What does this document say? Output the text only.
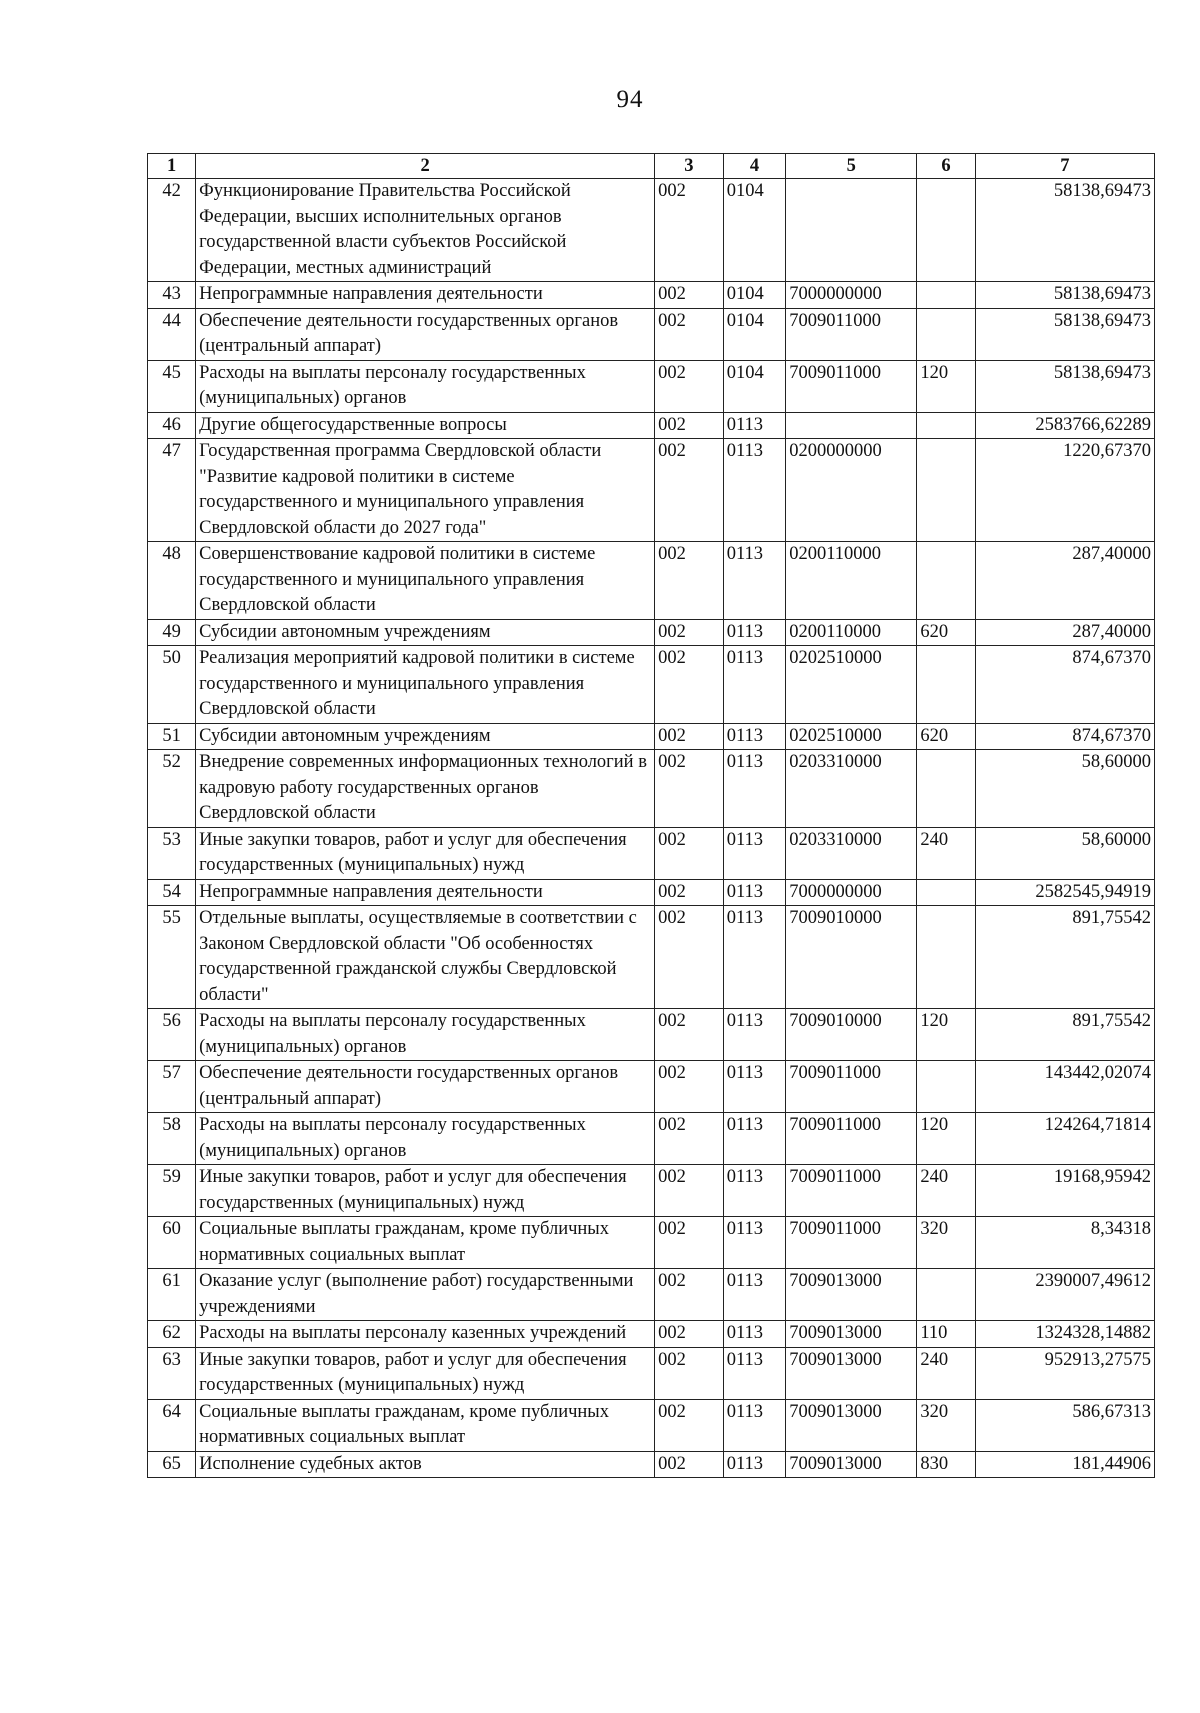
94
1	2	3	4	5	6	7
42	Функционирование Правительства Российской Федерации, высших исполнительных органов государственной власти субъектов Российской Федерации, местных администраций	002	0104			58138,69473
43	Непрограммные направления деятельности	002	0104	7000000000		58138,69473
44	Обеспечение деятельности государственных органов (центральный аппарат)	002	0104	7009011000		58138,69473
45	Расходы на выплаты персоналу государственных (муниципальных) органов	002	0104	7009011000	120	58138,69473
46	Другие общегосударственные вопросы	002	0113			2583766,62289
47	Государственная программа Свердловской области "Развитие кадровой политики в системе государственного и муниципального управления Свердловской области до 2027 года"	002	0113	0200000000		1220,67370
48	Совершенствование кадровой политики в системе государственного и муниципального управления Свердловской области	002	0113	0200110000		287,40000
49	Субсидии автономным учреждениям	002	0113	0200110000	620	287,40000
50	Реализация мероприятий кадровой политики в системе государственного и муниципального управления Свердловской области	002	0113	0202510000		874,67370
51	Субсидии автономным учреждениям	002	0113	0202510000	620	874,67370
52	Внедрение современных информационных технологий в кадровую работу государственных органов Свердловской области	002	0113	0203310000		58,60000
53	Иные закупки товаров, работ и услуг для обеспечения государственных (муниципальных) нужд	002	0113	0203310000	240	58,60000
54	Непрограммные направления деятельности	002	0113	7000000000		2582545,94919
55	Отдельные выплаты, осуществляемые в соответствии с Законом Свердловской области "Об особенностях государственной гражданской службы Свердловской области"	002	0113	7009010000		891,75542
56	Расходы на выплаты персоналу государственных (муниципальных) органов	002	0113	7009010000	120	891,75542
57	Обеспечение деятельности государственных органов (центральный аппарат)	002	0113	7009011000		143442,02074
58	Расходы на выплаты персоналу государственных (муниципальных) органов	002	0113	7009011000	120	124264,71814
59	Иные закупки товаров, работ и услуг для обеспечения государственных (муниципальных) нужд	002	0113	7009011000	240	19168,95942
60	Социальные выплаты гражданам, кроме публичных нормативных социальных выплат	002	0113	7009011000	320	8,34318
61	Оказание услуг (выполнение работ) государственными учреждениями	002	0113	7009013000		2390007,49612
62	Расходы на выплаты персоналу казенных учреждений	002	0113	7009013000	110	1324328,14882
63	Иные закупки товаров, работ и услуг для обеспечения государственных (муниципальных) нужд	002	0113	7009013000	240	952913,27575
64	Социальные выплаты гражданам, кроме публичных нормативных социальных выплат	002	0113	7009013000	320	586,67313
65	Исполнение судебных актов	002	0113	7009013000	830	181,44906
